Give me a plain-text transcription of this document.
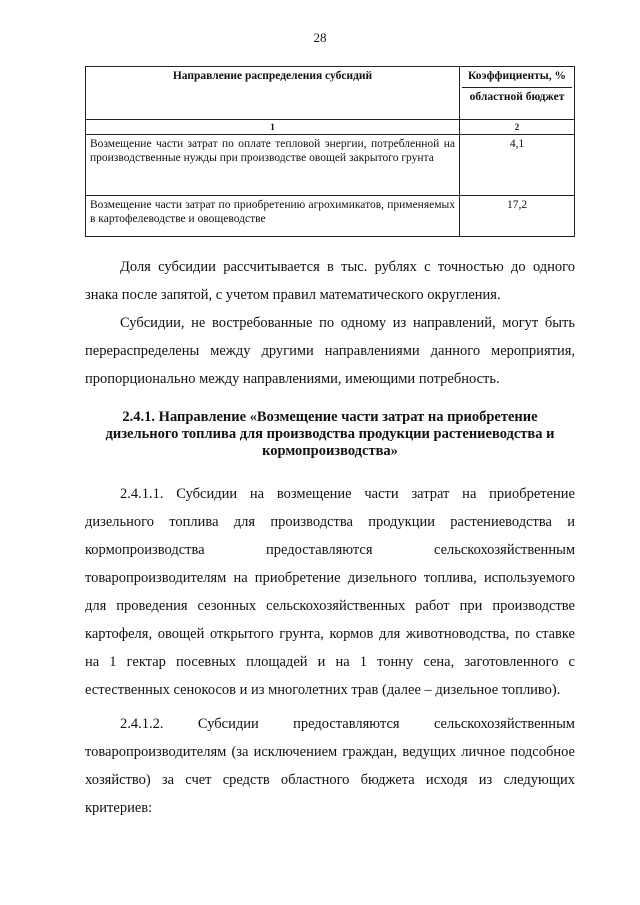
28
Направление распределения субсидий	Коэффициенты, %
областной бюджет

1	2
Возмещение части затрат по оплате тепловой энергии, потребленной на производственные нужды при производстве овощей закрытого грунта	4,1
Возмещение части затрат по приобретению агрохимикатов, применяемых в картофелеводстве и овощеводстве	17,2
Доля субсидии рассчитывается в тыс. рублях с точностью до одного знака после запятой, с учетом правил математического округления.
Субсидии, не востребованные по одному из направлений, могут быть перераспределены между другими направлениями данного мероприятия, пропорционально между направлениями, имеющими потребность.
2.4.1. Направление «Возмещение части затрат на приобретение дизельного топлива для производства продукции растениеводства и кормопроизводства»
2.4.1.1. Субсидии на возмещение части затрат на приобретение дизельного топлива для производства продукции растениеводства и кормопроизводства предоставляются сельскохозяйственным товаропроизводителям на приобретение дизельного топлива, используемого для проведения сезонных сельскохозяйственных работ при производстве картофеля, овощей открытого грунта, кормов для животноводства, по ставке на 1 гектар посевных площадей и на 1 тонну сена, заготовленного с естественных сенокосов и из многолетних трав (далее – дизельное топливо).
2.4.1.2. Субсидии предоставляются сельскохозяйственным товаропроизводителям (за исключением граждан, ведущих личное подсобное хозяйство) за счет средств областного бюджета исходя из следующих критериев:
